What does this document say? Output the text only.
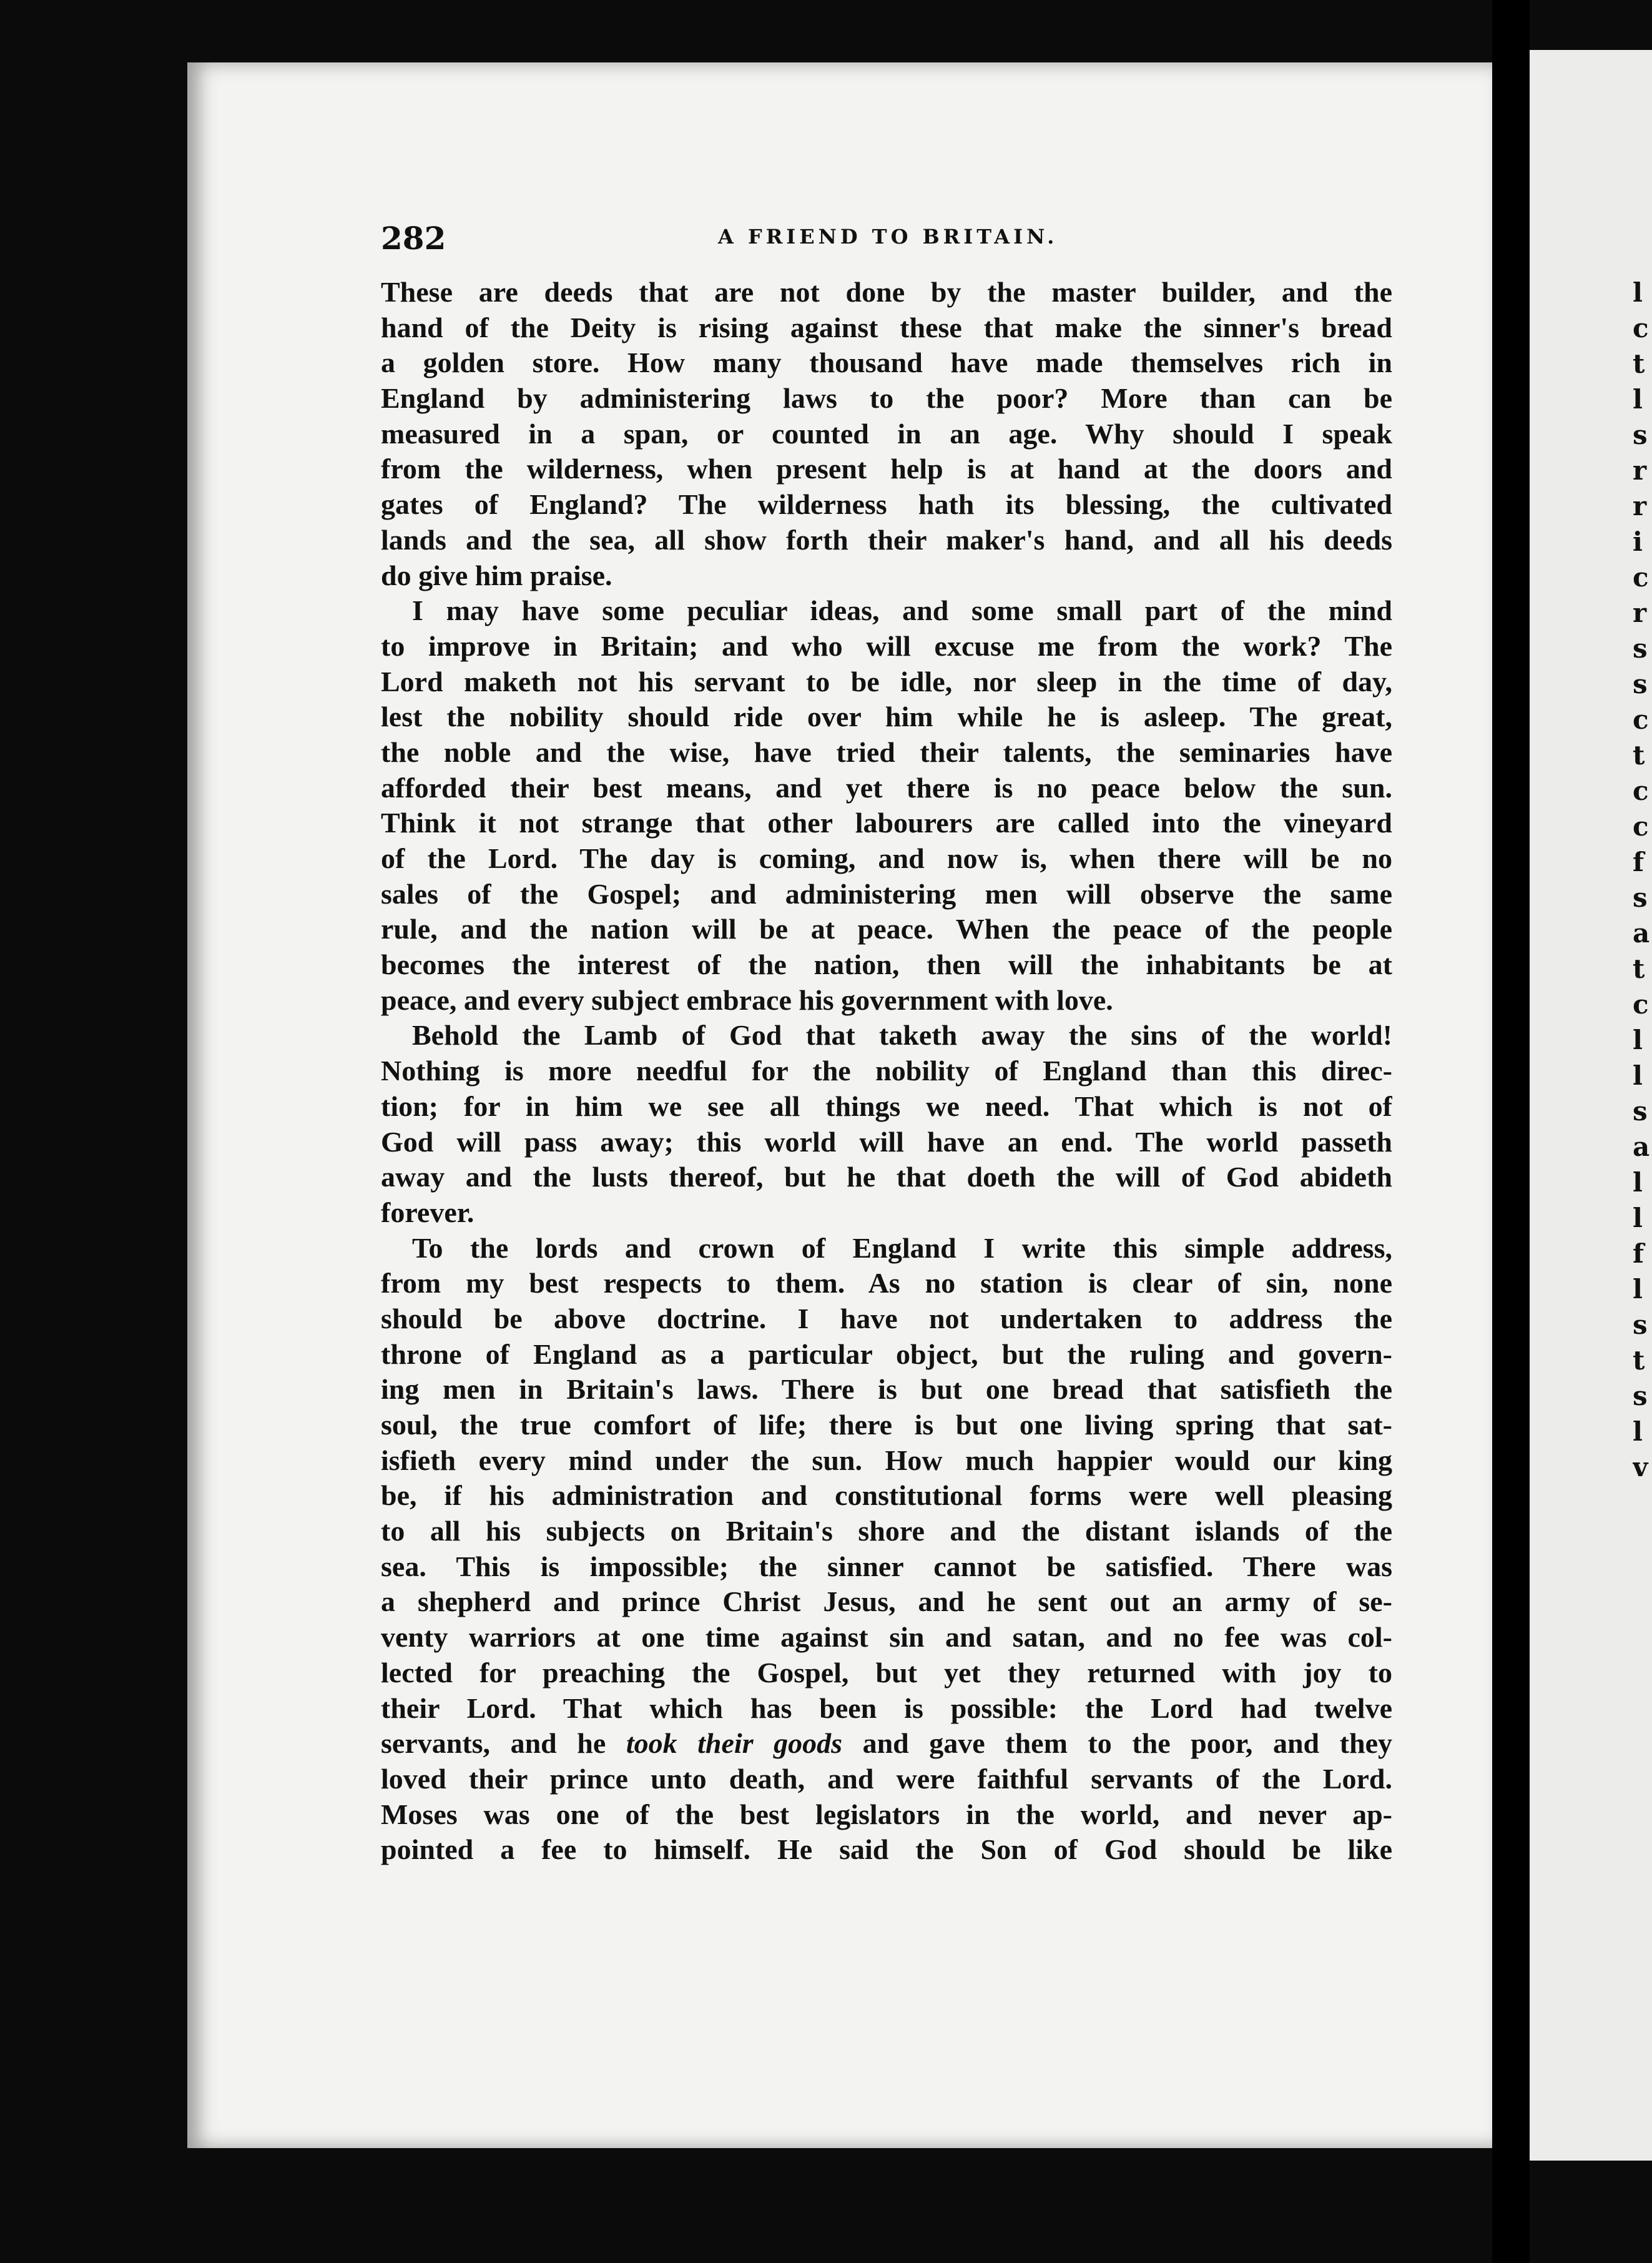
l
c
t
l
s
r
r
i
c
r
s
s
c
t
c
c
f
s
a
t
c
l
l
s
a
l
l
f
l
s
t
s
l
v
282	A FRIEND TO BRITAIN.
These are deeds that are not done by the master builder, and the
hand of the Deity is rising against these that make the sinner's bread
a golden store. How many thousand have made themselves rich in
England by administering laws to the poor? More than can be
measured in a span, or counted in an age. Why should I speak
from the wilderness, when present help is at hand at the doors and
gates of England? The wilderness hath its blessing, the cultivated
lands and the sea, all show forth their maker's hand, and all his deeds
do give him praise.
I may have some peculiar ideas, and some small part of the mind
to improve in Britain; and who will excuse me from the work? The
Lord maketh not his servant to be idle, nor sleep in the time of day,
lest the nobility should ride over him while he is asleep. The great,
the noble and the wise, have tried their talents, the seminaries have
afforded their best means, and yet there is no peace below the sun.
Think it not strange that other labourers are called into the vineyard
of the Lord. The day is coming, and now is, when there will be no
sales of the Gospel; and administering men will observe the same
rule, and the nation will be at peace. When the peace of the people
becomes the interest of the nation, then will the inhabitants be at
peace, and every subject embrace his government with love.
Behold the Lamb of God that taketh away the sins of the world!
Nothing is more needful for the nobility of England than this direc-
tion; for in him we see all things we need. That which is not of
God will pass away; this world will have an end. The world passeth
away and the lusts thereof, but he that doeth the will of God abideth
forever.
To the lords and crown of England I write this simple address,
from my best respects to them. As no station is clear of sin, none
should be above doctrine. I have not undertaken to address the
throne of England as a particular object, but the ruling and govern-
ing men in Britain's laws. There is but one bread that satisfieth the
soul, the true comfort of life; there is but one living spring that sat-
isfieth every mind under the sun. How much happier would our king
be, if his administration and constitutional forms were well pleasing
to all his subjects on Britain's shore and the distant islands of the
sea. This is impossible; the sinner cannot be satisfied. There was
a shepherd and prince Christ Jesus, and he sent out an army of se-
venty warriors at one time against sin and satan, and no fee was col-
lected for preaching the Gospel, but yet they returned with joy to
their Lord. That which has been is possible: the Lord had twelve
servants, and he took their goods and gave them to the poor, and they
loved their prince unto death, and were faithful servants of the Lord.
Moses was one of the best legislators in the world, and never ap-
pointed a fee to himself. He said the Son of God should be like
